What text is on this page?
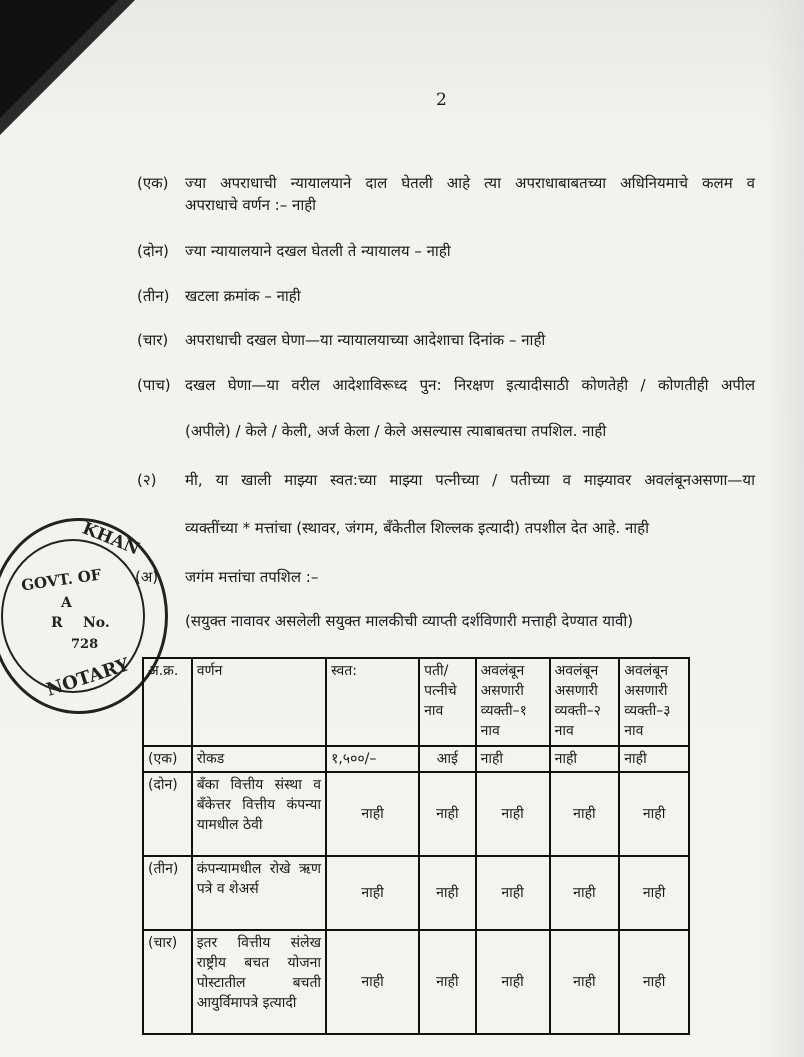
2
(एक) ज्या अपराधाची न्यायालयाने दाल घेतली आहे त्या अपराधाबाबतच्या अधिनियमाचे कलम व
अपराधाचे वर्णन :– नाही
(दोन) ज्या न्यायालयाने दखल घेतली ते न्यायालय – नाही
(तीन) खटला क्रमांक – नाही
(चार) अपराधाची दखल घेणा—या न्यायालयाच्या आदेशाचा दिनांक – नाही
(पाच) दखल घेणा—या वरील आदेशाविरूध्द पुन: निरक्षण इत्यादीसाठी कोणतेही / कोणतीही अपील
(अपीले) / केले / केली, अर्ज केला / केले असल्यास त्याबाबतचा तपशिल. नाही
(२) मी, या खाली माझ्या स्वत:च्या माझ्या पत्नीच्या / पतीच्या व माझ्यावर अवलंबूनअसणा—या
व्यक्तींच्या * मत्तांचा (स्थावर, जंगम, बॅंकेतील शिल्लक इत्यादी) तपशील देत आहे. नाही
(अ) जगंम मत्तांचा तपशिल :–
(सयुक्त नावावर असलेली सयुक्त मालकीची व्याप्ती दर्शविणारी मत्ताही देण्यात यावी)
KHAN
GOVT. OF
A
R No.
728
NOTARY अ.क्र.	वर्णन	स्वत:	पती/ पत्नीचे नाव	अवलंबून असणारी व्यक्ती–१ नाव	अवलंबून असणारी व्यक्ती–२ नाव	अवलंबून असणारी व्यक्ती–३ नाव
(एक)	रोकड	१,५००/–	आई	नाही	नाही	नाही
(दोन)	बॅंका वित्तीय संस्था व बॅंकेत्तर वित्तीय कंपन्या यामधील ठेवी	नाही	नाही	नाही	नाही	नाही
(तीन)	कंपन्यामधील रोखे ऋण पत्रे व शेअर्स	नाही	नाही	नाही	नाही	नाही
(चार)	इतर वित्तीय संलेख राष्ट्रीय बचत योजना पोस्टातील बचती आयुर्विमापत्रे इत्यादी	नाही	नाही	नाही	नाही	नाही
